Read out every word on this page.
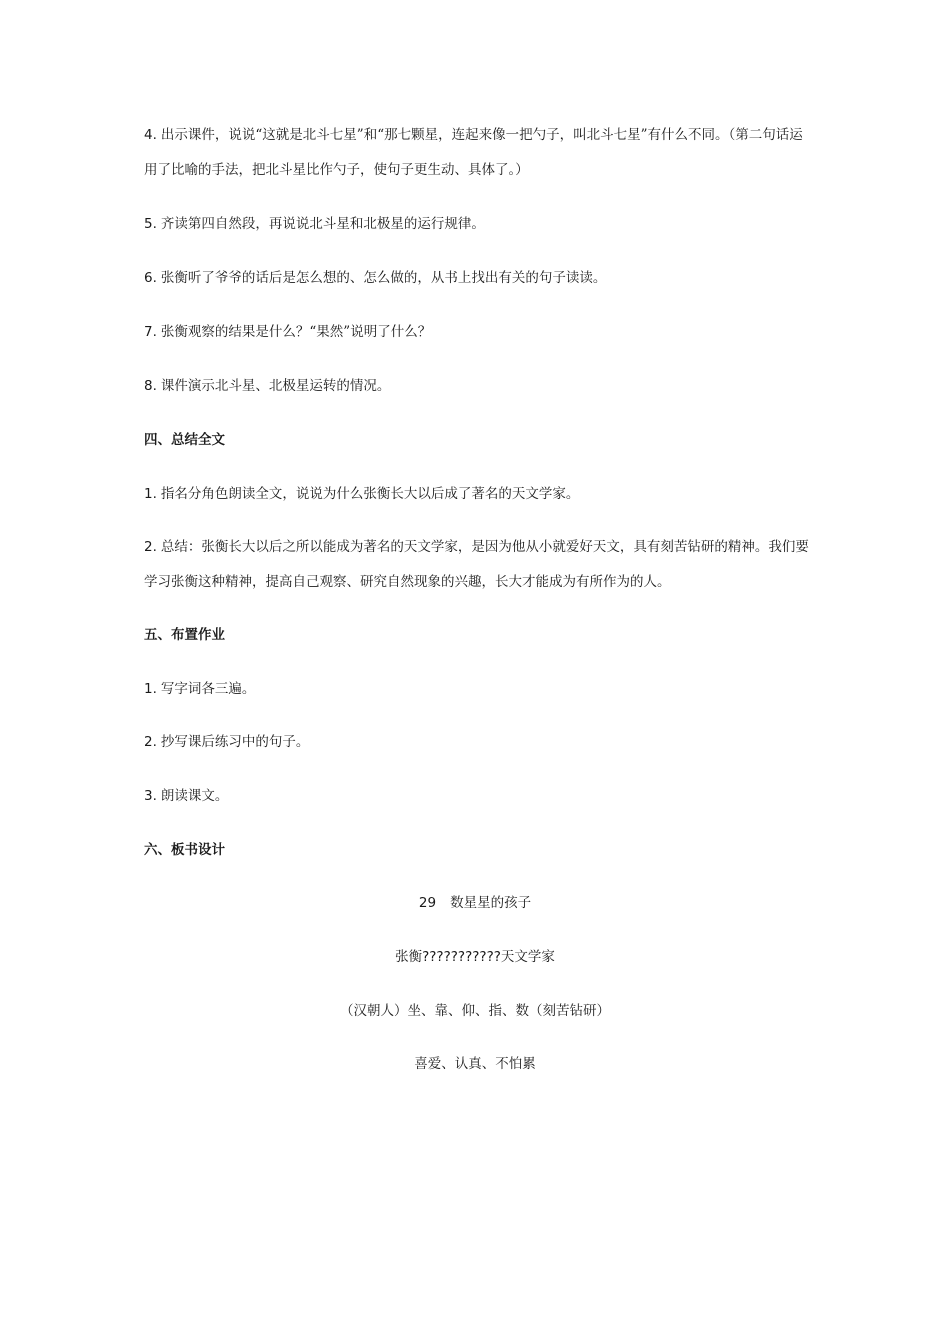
4. 出示课件，说说“这就是北斗七星”和“那七颗星，连起来像一把勺子，叫北斗七星”有什么不同。（第二句话运用了比喻的手法，把北斗星比作勺子，使句子更生动、具体了。）
5. 齐读第四自然段，再说说北斗星和北极星的运行规律。
6. 张衡听了爷爷的话后是怎么想的、怎么做的，从书上找出有关的句子读读。
7. 张衡观察的结果是什么？“果然”说明了什么？
8. 课件演示北斗星、北极星运转的情况。
四、总结全文
1. 指名分角色朗读全文，说说为什么张衡长大以后成了著名的天文学家。
2. 总结：张衡长大以后之所以能成为著名的天文学家，是因为他从小就爱好天文，具有刻苦钻研的精神。我们要学习张衡这种精神，提高自己观察、研究自然现象的兴趣，长大才能成为有所作为的人。
五、布置作业
1. 写字词各三遍。
2. 抄写课后练习中的句子。
3. 朗读课文。
六、板书设计
29 数星星的孩子
张衡???????????天文学家
（汉朝人）坐、靠、仰、指、数（刻苦钻研）
喜爱、认真、不怕累
